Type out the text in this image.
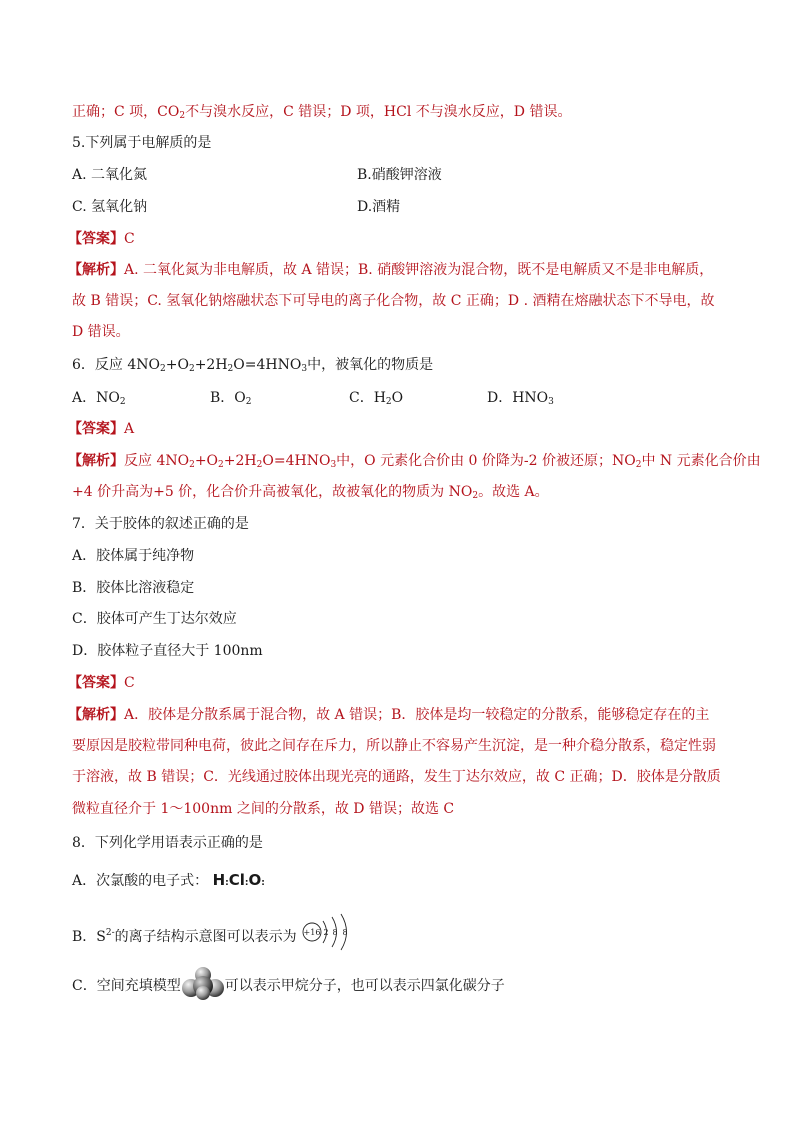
正确；C 项，$CO_2$不与溴水反应，C 错误；D 项，HCl 不与溴水反应，D 错误。
5.下列属于电解质的是
A. 二氧化氮	B.硝酸钾溶液
C. 氢氧化钠	D.酒精
【答案】C
【解析】A. 二氧化氮为非电解质，故 A 错误；B. 硝酸钾溶液为混合物，既不是电解质又不是非电解质，
故 B 错误；C. 氢氧化钠熔融状态下可导电的离子化合物，故 C 正确；D . 酒精在熔融状态下不导电，故
D 错误。
6．反应 $4NO_2+O_2+2H_2O=4HNO_3$中，被氧化的物质是
A．$NO_2$	B．$O_2$	C．$H_2O$	D．$HNO_3$
【答案】A
【解析】反应 $4NO_2+O_2+2H_2O=4HNO_3$中，O 元素化合价由 0 价降为-2 价被还原；$NO_2$中 N 元素化合价由
+4 价升高为+5 价，化合价升高被氧化，故被氧化的物质为 $NO_2$。故选 A。
7．关于胶体的叙述正确的是
A．胶体属于纯净物
B．胶体比溶液稳定
C．胶体可产生丁达尔效应
D．胶体粒子直径大于 100nm
【答案】C
【解析】A．胶体是分散系属于混合物，故 A 错误；B．胶体是均一较稳定的分散系，能够稳定存在的主
要原因是胶粒带同种电荷，彼此之间存在斥力，所以静止不容易产生沉淀，是一种介稳分散系，稳定性弱
于溶液，故 B 错误；C．光线通过胶体出现光亮的通路，发生丁达尔效应，故 C 正确；D．胶体是分散质
微粒直径介于 1～100nm 之间的分散系，故 D 错误；故选 C
8．下列化学用语表示正确的是
A．次氯酸的电子式： H:Cl:O:
B．$S^{2-}$的离子结构示意图可以表示为 +16 2 8 8
C．空间充填模型	可以表示甲烷分子，也可以表示四氯化碳分子
